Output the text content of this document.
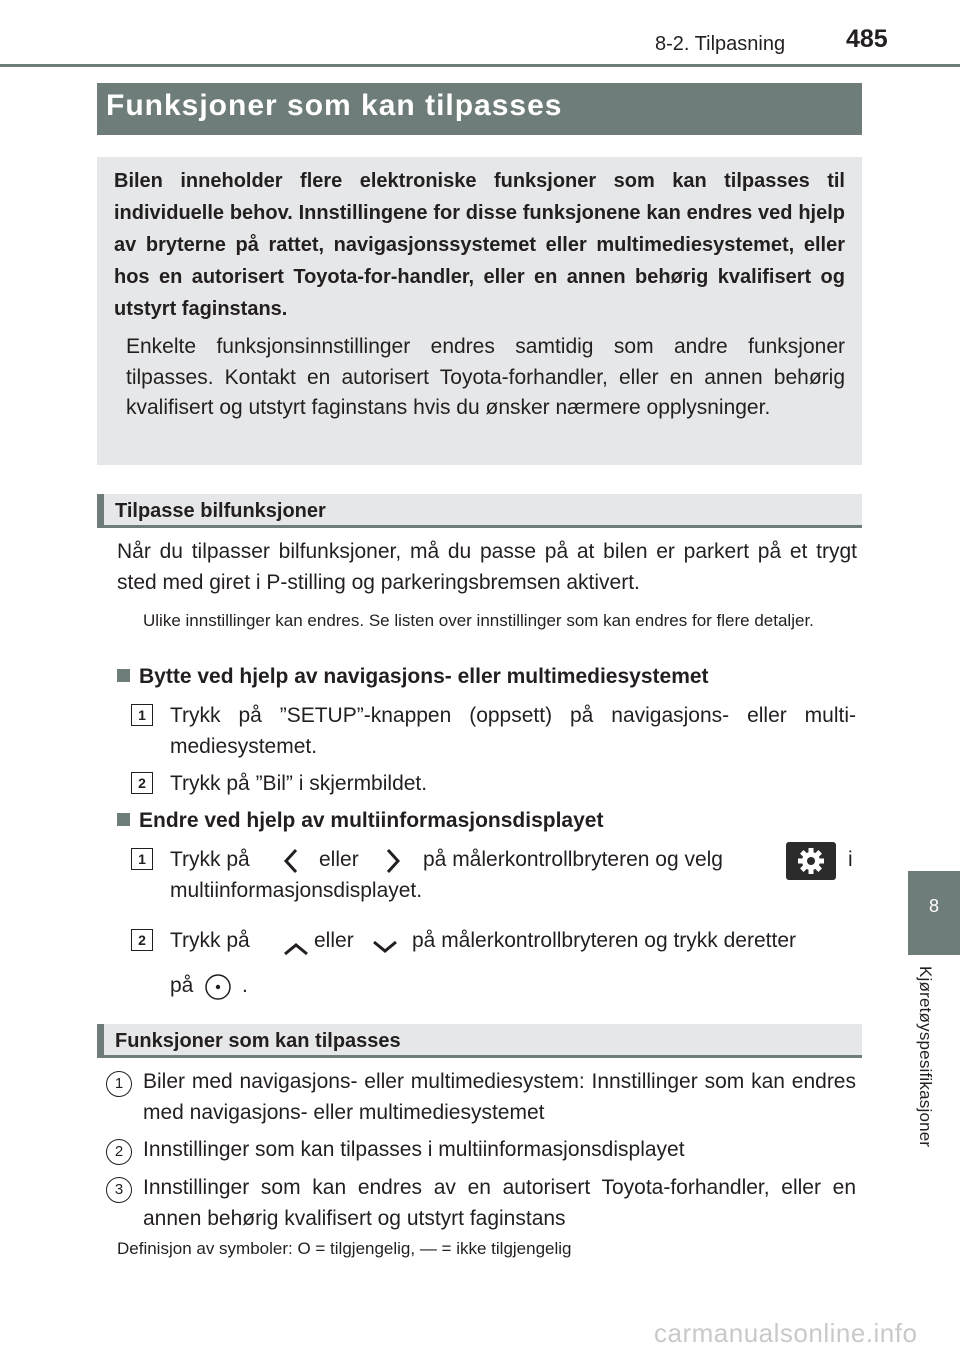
8-2. Tilpasning 485
8
Kjøretøyspesifikasjoner
Funksjoner som kan tilpasses
Bilen inneholder flere elektroniske funksjoner som kan tilpasses til individuelle behov. Innstillingene for disse funksjonene kan endres ved hjelp av bryterne på rattet, navigasjonssystemet eller multimediesystemet, eller hos en autorisert Toyota-for-handler, eller en annen behørig kvalifisert og utstyrt faginstans.
Enkelte funksjonsinnstillinger endres samtidig som andre funksjoner tilpasses. Kontakt en autorisert Toyota-forhandler, eller en annen behørig kvalifisert og utstyrt faginstans hvis du ønsker nærmere opplysninger.
Tilpasse bilfunksjoner
Når du tilpasser bilfunksjoner, må du passe på at bilen er parkert på et trygt sted med giret i P-stilling og parkeringsbremsen aktivert.
Ulike innstillinger kan endres. Se listen over innstillinger som kan endres for flere detaljer.
Bytte ved hjelp av navigasjons- eller multimediesystemet
1	Trykk på ”SETUP”-knappen (oppsett) på navigasjons- eller multi-mediesystemet.
2	Trykk på ”Bil” i skjermbildet.
Endre ved hjelp av multiinformasjonsdisplayet
1	Trykk på	eller	på målerkontrollbryteren og velg	i
multiinformasjonsdisplayet.
2	Trykk på	eller	på målerkontrollbryteren og trykk deretter
på .
Funksjoner som kan tilpasses
1 Biler med navigasjons- eller multimediesystem: Innstillinger som kan endres med navigasjons- eller multimediesystemet
2 Innstillinger som kan tilpasses i multiinformasjonsdisplayet
3 Innstillinger som kan endres av en autorisert Toyota-forhandler, eller en annen behørig kvalifisert og utstyrt faginstans
Definisjon av symboler: O = tilgjengelig, — = ikke tilgjengelig
carmanualsonline.info
